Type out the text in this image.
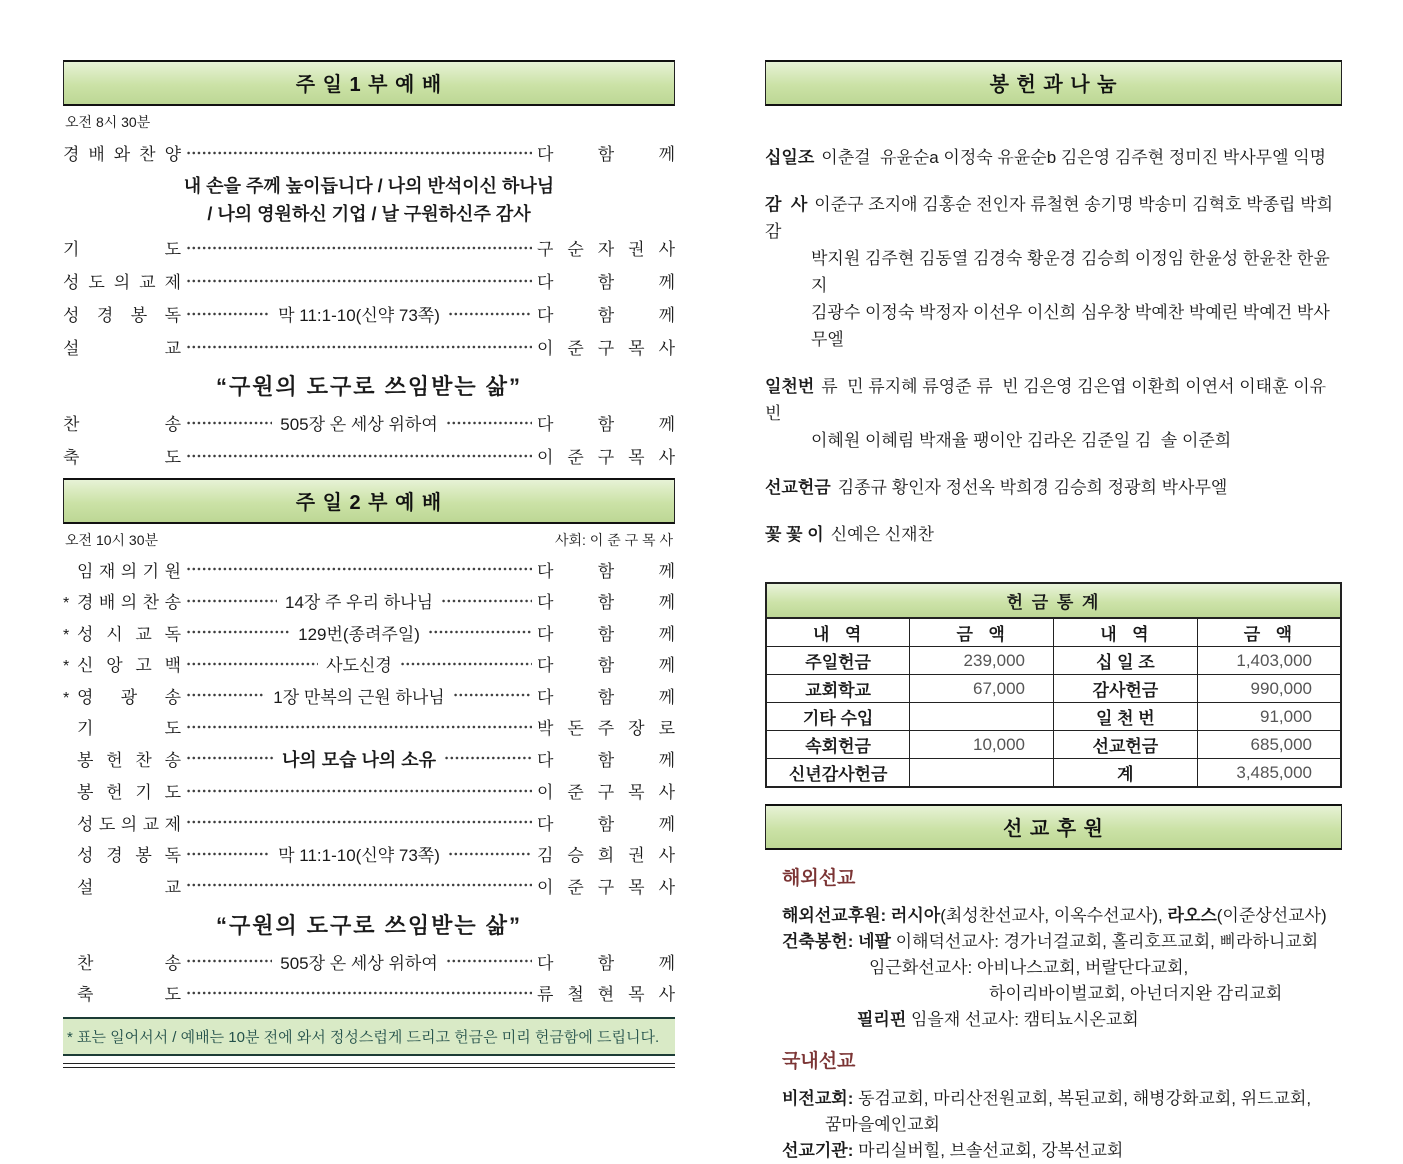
주 일 1 부 예 배
오전 8시 30분
경 배 와 찬 양	다 함 께
내 손을 주께 높이듭니다 / 나의 반석이신 하나님
/ 나의 영원하신 기업 / 날 구원하신주 감사
기 도	구 순 자 권 사
성 도 의 교 제	다 함 께
성 경 봉 독	막 11:1-10(신약 73쪽)	다 함 께
설 교	이 준 구 목 사
“구원의 도구로 쓰임받는 삶”
찬 송	505장 온 세상 위하여	다 함 께
축 도	이 준 구 목 사
주 일 2 부 예 배
오전 10시 30분	사회: 이 준 구 목 사
임 재 의 기 원	다 함 께
* 경 배 의 찬 송	14장 주 우리 하나님	다 함 께
* 성 시 교 독	129번(종려주일)	다 함 께
* 신 앙 고 백	사도신경	다 함 께
* 영 광 송	1장 만복의 근원 하나님	다 함 께
기 도	박 돈 주 장 로
봉 헌 찬 송	나의 모습 나의 소유	다 함 께
봉 헌 기 도	이 준 구 목 사
성 도 의 교 제	다 함 께
성 경 봉 독	막 11:1-10(신약 73쪽)	김 승 희 권 사
설 교	이 준 구 목 사
“구원의 도구로 쓰임받는 삶”
찬 송	505장 온 세상 위하여	다 함 께
축 도	류 철 현 목 사
* 표는 일어서서 / 예배는 10분 전에 와서 정성스럽게 드리고 헌금은 미리 헌금함에 드립니다.
봉 헌 과 나 눔
십일조 이춘걸  유윤순a 이정숙 유윤순b 김은영 김주현 정미진 박사무엘 익명
감  사 이준구 조지애 김홍순 전인자 류철현 송기명 박송미 김혁호 박종립 박희감
박지원 김주현 김동열 김경숙 황운경 김승희 이정임 한윤성 한윤찬 한윤지
김광수 이정숙 박정자 이선우 이신희 심우창 박예찬 박예린 박예건 박사무엘
일천번 류  민 류지혜 류영준 류  빈 김은영 김은엽 이환희 이연서 이태훈 이유빈
이혜원 이혜림 박재율 팽이안 김라온 김준일 김  솔 이준희
선교헌금 김종규 황인자 정선옥 박희경 김승희 정광희 박사무엘
꽃 꽃 이 신예은 신재찬
헌 금 통 계			
내  역	금  액	내  역	금  액
주일헌금	239,000	십 일 조	1,403,000
교회학교	67,000	감사헌금	990,000
기타 수입		일 천 번	91,000
속회헌금	10,000	선교헌금	685,000
신년감사헌금		계	3,485,000
선 교 후 원
해외선교
해외선교후원: 러시아(최성찬선교사, 이옥수선교사), 라오스(이준상선교사)
건축봉헌: 네팔 이해덕선교사: 경가너걸교회, 홀리호프교회, 삐라하니교회
임근화선교사: 아비나스교회, 버랄단다교회,
하이리바이벌교회, 아넌더지완 감리교회
필리핀 임을재 선교사: 캠티뇨시온교회
국내선교
비전교회: 동검교회, 마리산전원교회, 복된교회, 해병강화교회, 위드교회,
꿈마을예인교회
선교기관: 마리실버힐, 브솔선교회, 강복선교회
